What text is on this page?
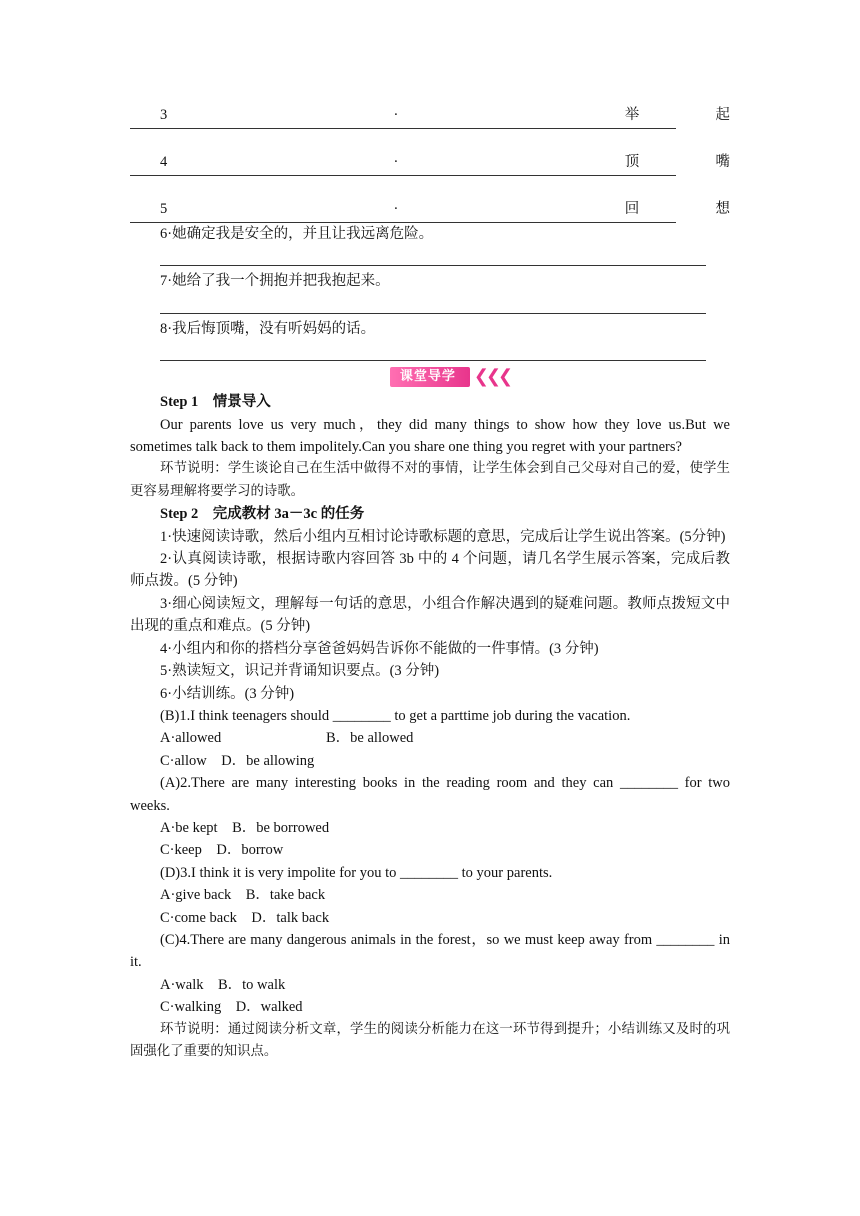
3	·	举	起
4	·	顶	嘴
5	·	回	想

6·她确定我是安全的，并且让我远离危险。

7·她给了我一个拥抱并把我抱起来。

8·我后悔顶嘴，没有听妈妈的话。

课堂导学	❮❮❮

Step 1　情景导入

Our parents love us very much，they did many things to show how they love us.But we sometimes talk back to them impolitely.Can you share one thing you regret with your partners?

环节说明：学生谈论自己在生活中做得不对的事情，让学生体会到自己父母对自己的爱，使学生更容易理解将要学习的诗歌。

Step 2　完成教材 3a－3c 的任务

1·快速阅读诗歌，然后小组内互相讨论诗歌标题的意思，完成后让学生说出答案。(5分钟)

2·认真阅读诗歌，根据诗歌内容回答 3b 中的 4 个问题，请几名学生展示答案，完成后教师点拨。(5 分钟)

3·细心阅读短文，理解每一句话的意思，小组合作解决遇到的疑难问题。教师点拨短文中出现的重点和难点。(5 分钟)

4·小组内和你的搭档分享爸爸妈妈告诉你不能做的一件事情。(3 分钟)

5·熟读短文，识记并背诵知识要点。(3 分钟)

6·小结训练。(3 分钟)

(B)1.I think teenagers should ________ to get a parttime job during the vacation.

A·allowed	B．be allowed

C·allow　D．be allowing

(A)2.There are many interesting books in the reading room and they can ________ for two weeks.

A·be kept　B．be borrowed

C·keep　D．borrow

(D)3.I think it is very impolite for you to ________ to your parents.

A·give back　B．take back

C·come back　D．talk back

(C)4.There are many dangerous animals in the forest，so we must keep away from ________ in it.

A·walk　B．to walk

C·walking　D．walked

环节说明：通过阅读分析文章，学生的阅读分析能力在这一环节得到提升；小结训练又及时的巩固强化了重要的知识点。
